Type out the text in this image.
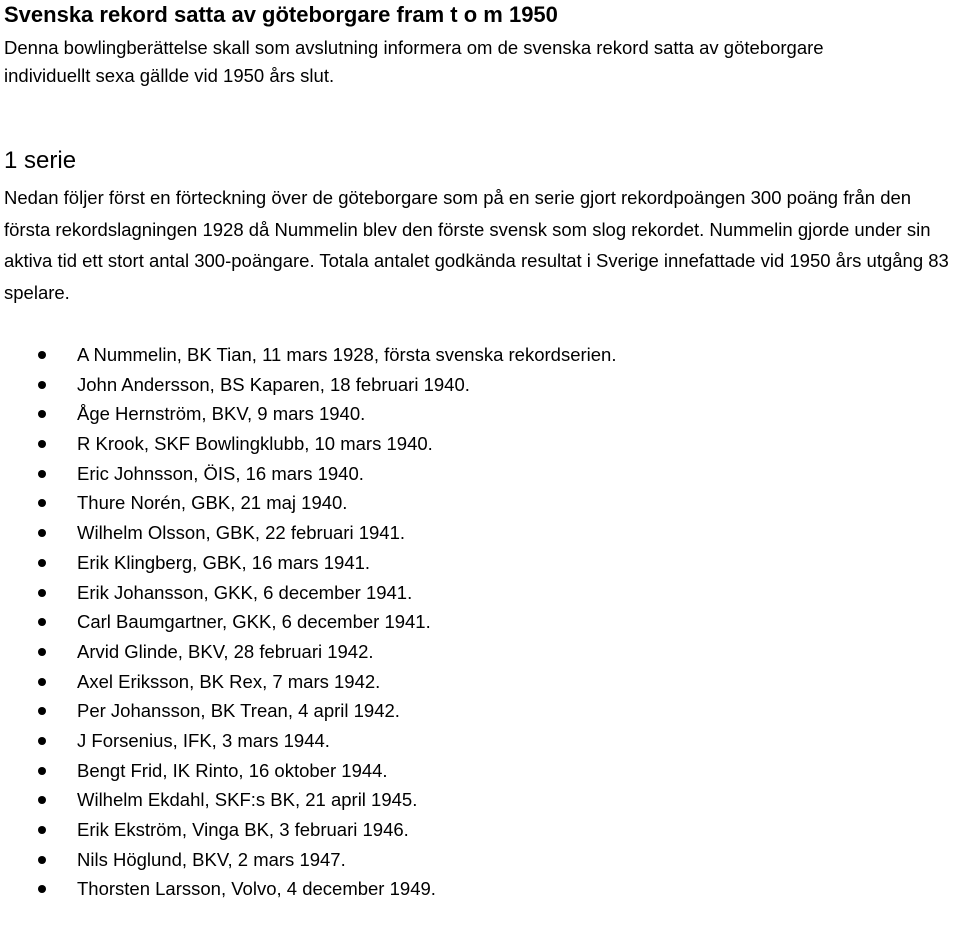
Svenska rekord satta av göteborgare fram t o m 1950

Denna bowlingberättelse skall som avslutning informera om de svenska rekord satta av göteborgare individuellt sexa gällde vid 1950 års slut.

1 serie

Nedan följer först en förteckning över de göteborgare som på en serie gjort rekordpoängen 300 poäng från den första rekordslagningen 1928 då Nummelin blev den förste svensk som slog rekordet. Nummelin gjorde under sin aktiva tid ett stort antal 300-poängare. Totala antalet godkända resultat i Sverige innefattade vid 1950 års utgång 83 spelare.

A Nummelin, BK Tian, 11 mars 1928, första svenska rekordserien.
John Andersson, BS Kaparen, 18 februari 1940.
Åge Hernström, BKV, 9 mars 1940.
R Krook, SKF Bowlingklubb, 10 mars 1940.
Eric Johnsson, ÖIS, 16 mars 1940.
Thure Norén, GBK, 21 maj 1940.
Wilhelm Olsson, GBK, 22 februari 1941.
Erik Klingberg, GBK, 16 mars 1941.
Erik Johansson, GKK, 6 december 1941.
Carl Baumgartner, GKK, 6 december 1941.
Arvid Glinde, BKV, 28 februari 1942.
Axel Eriksson, BK Rex, 7 mars 1942.
Per Johansson, BK Trean, 4 april 1942.
J Forsenius, IFK, 3 mars 1944.
Bengt Frid, IK Rinto, 16 oktober 1944.
Wilhelm Ekdahl, SKF:s BK, 21 april 1945.
Erik Ekström, Vinga BK, 3 februari 1946.
Nils Höglund, BKV, 2 mars 1947.
Thorsten Larsson, Volvo, 4 december 1949.
